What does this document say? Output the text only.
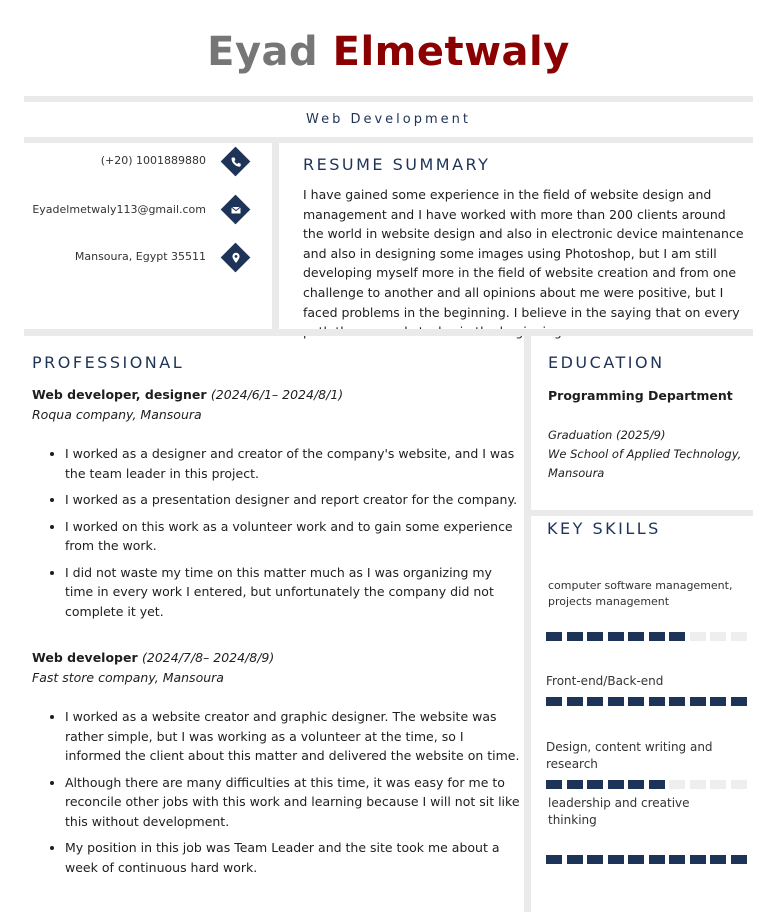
Eyad Elmetwaly
Web Development
(+20) 1001889880
Eyadelmetwaly113@gmail.com
Mansoura, Egypt 35511
RESUME SUMMARY
I have gained some experience in the field of website design and management and I have worked with more than 200 clients around the world in website design and also in electronic device maintenance and also in designing some images using Photoshop, but I am still developing myself more in the field of website creation and from one challenge to another and all opinions about me were positive, but I faced problems in the beginning. I believe in the saying that on every
PROFESSIONAL
Web developer, designer (2024/6/1– 2024/8/1)
Roqua company, Mansoura
• I worked as a designer and creator of the company's website, and I was the team leader in this project.
• I worked as a presentation designer and report creator for the company.
• I worked on this work as a volunteer work and to gain some experience from the work.
• I did not waste my time on this matter much as I was organizing my time in every work I entered, but unfortunately the company did not complete it yet.
Web developer (2024/7/8– 2024/8/9)
Fast store company, Mansoura
• I worked as a website creator and graphic designer. The website was rather simple, but I was working as a volunteer at the time, so I informed the client about this matter and delivered the website on time.
• Although there are many difficulties at this time, it was easy for me to reconcile other jobs with this work and learning because I will not sit like this without development.
• My position in this job was Team Leader and the site took me about a week of continuous hard work.
EDUCATION
Programming Department
Graduation (2025/9)
We School of Applied Technology, Mansoura
KEY SKILLS
computer software management, projects management
Front-end/Back-end
Design, content writing and research
leadership and creative thinking
